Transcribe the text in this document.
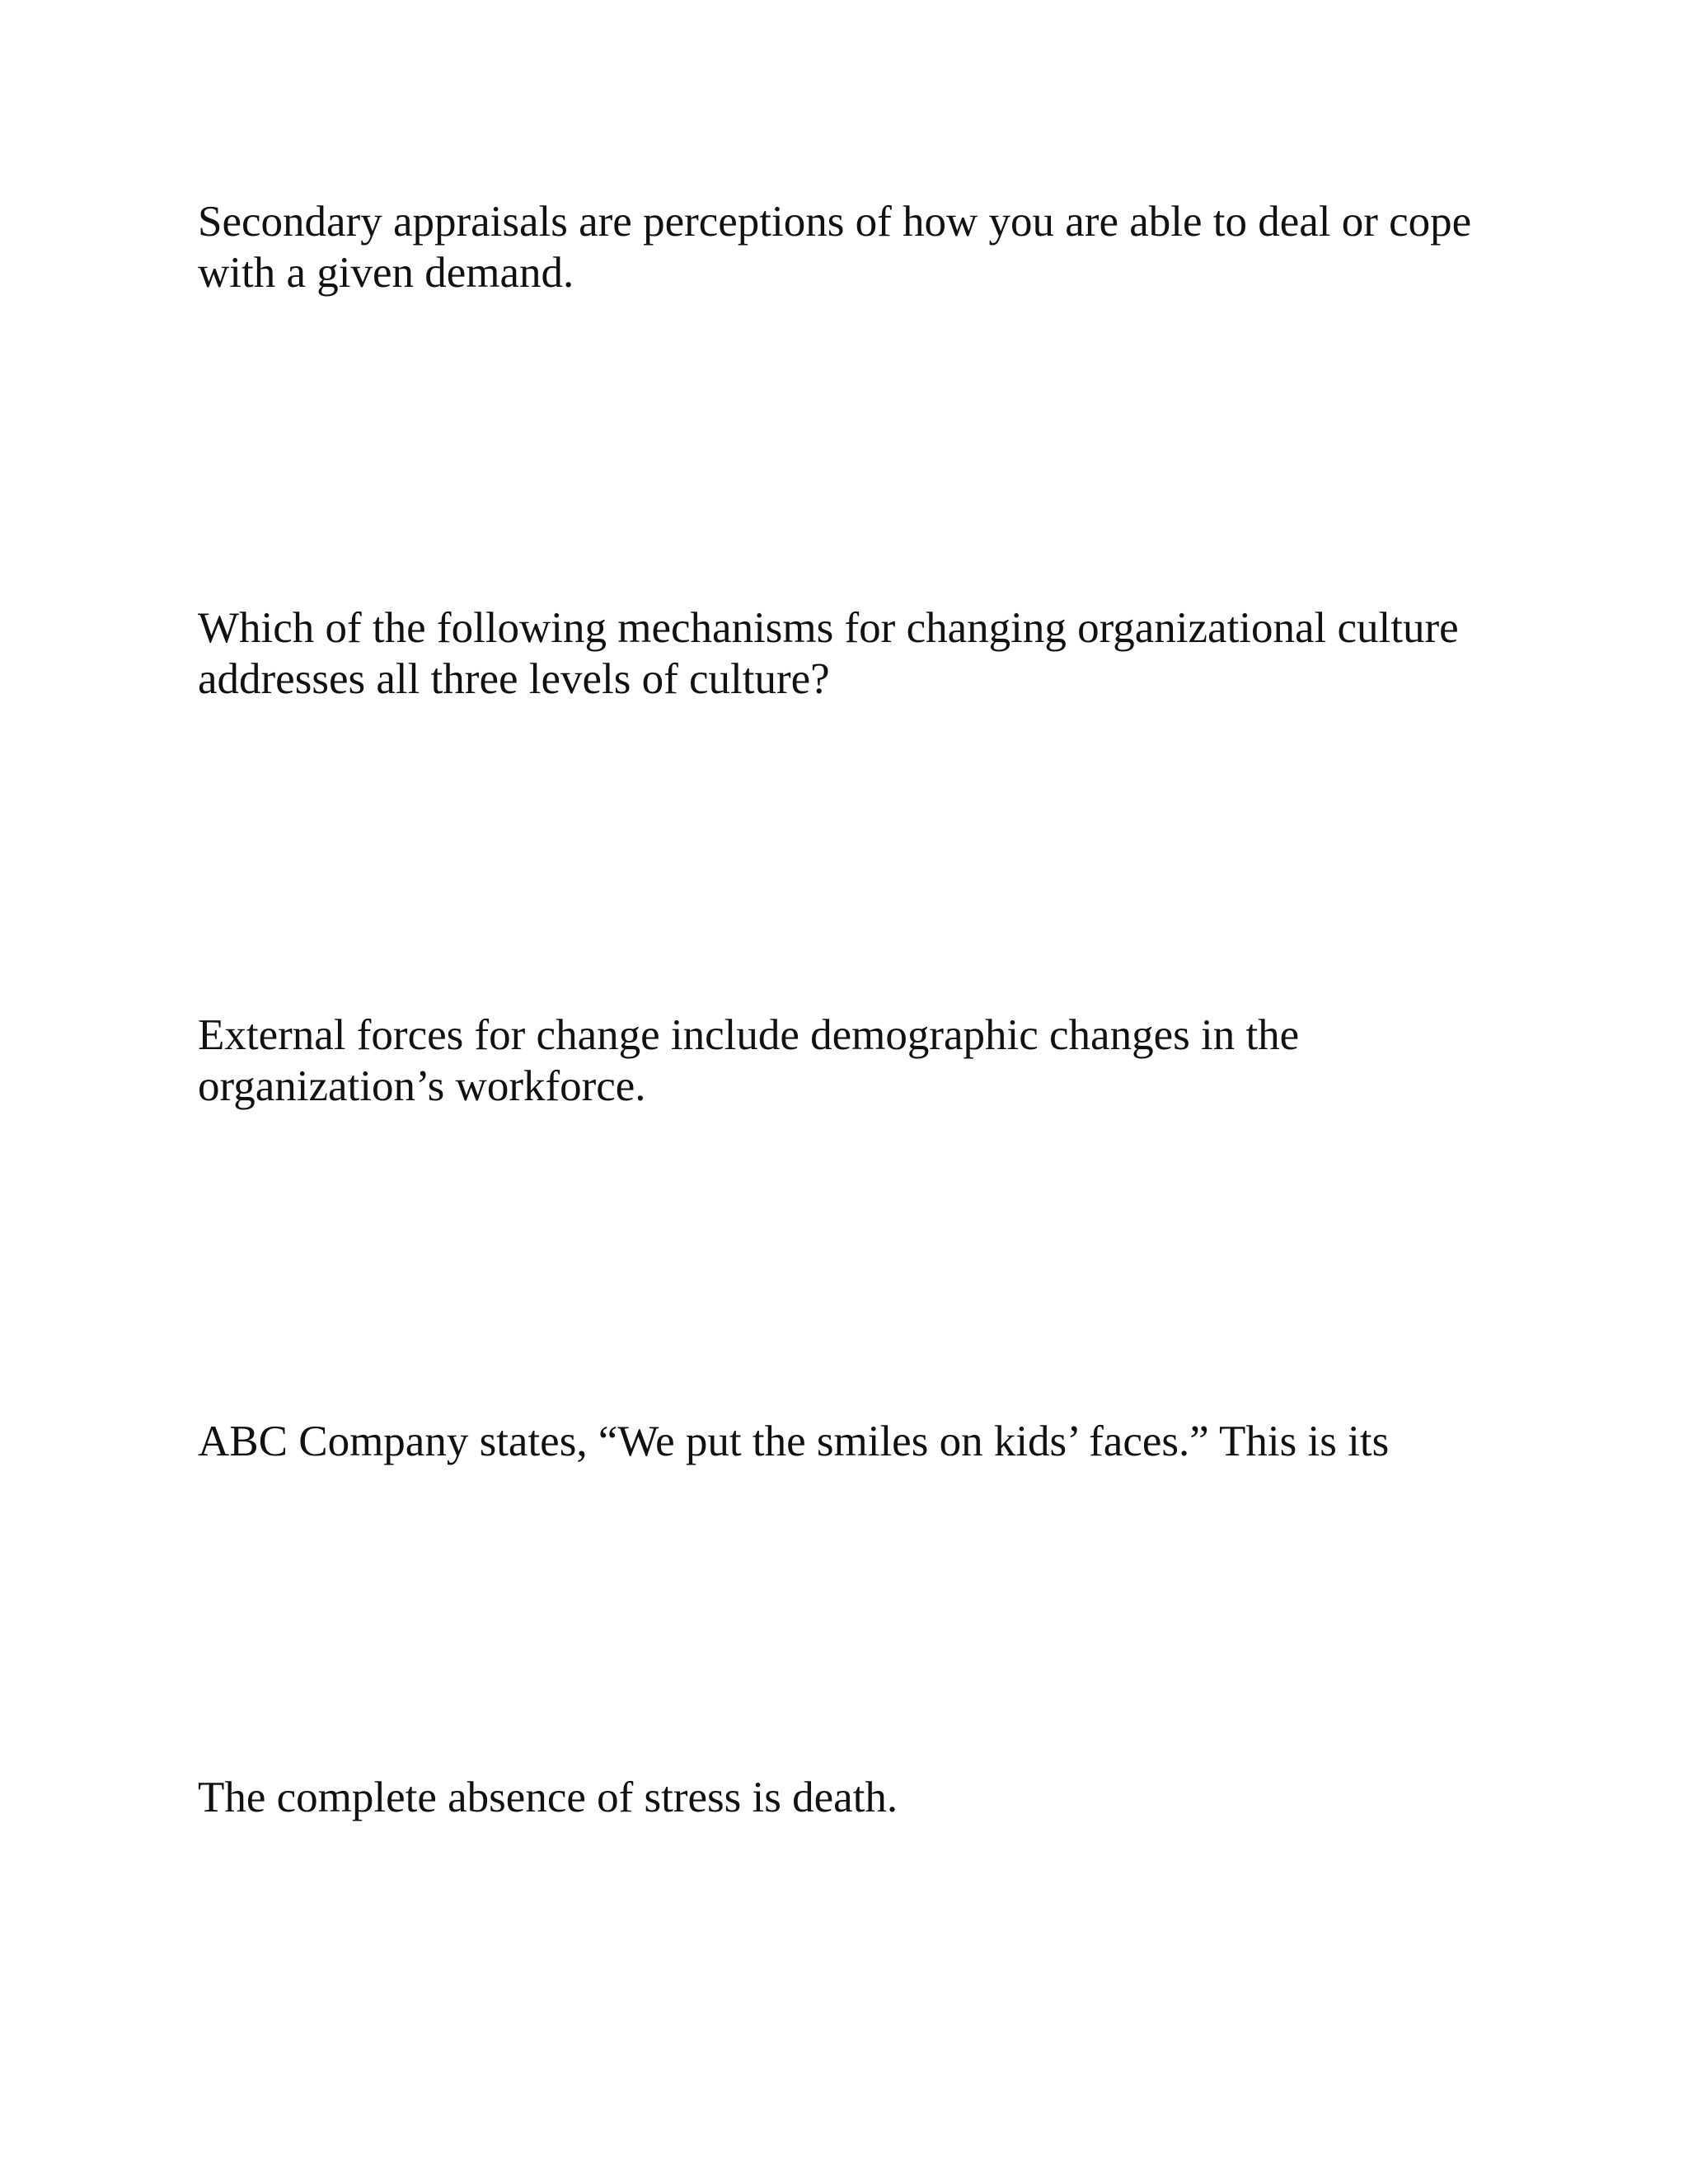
Secondary appraisals are perceptions of how you are able to deal or cope
with a given demand.

Which of the following mechanisms for changing organizational culture
addresses all three levels of culture?

External forces for change include demographic changes in the
organization’s workforce.

ABC Company states, “We put the smiles on kids’ faces.” This is its

The complete absence of stress is death.
